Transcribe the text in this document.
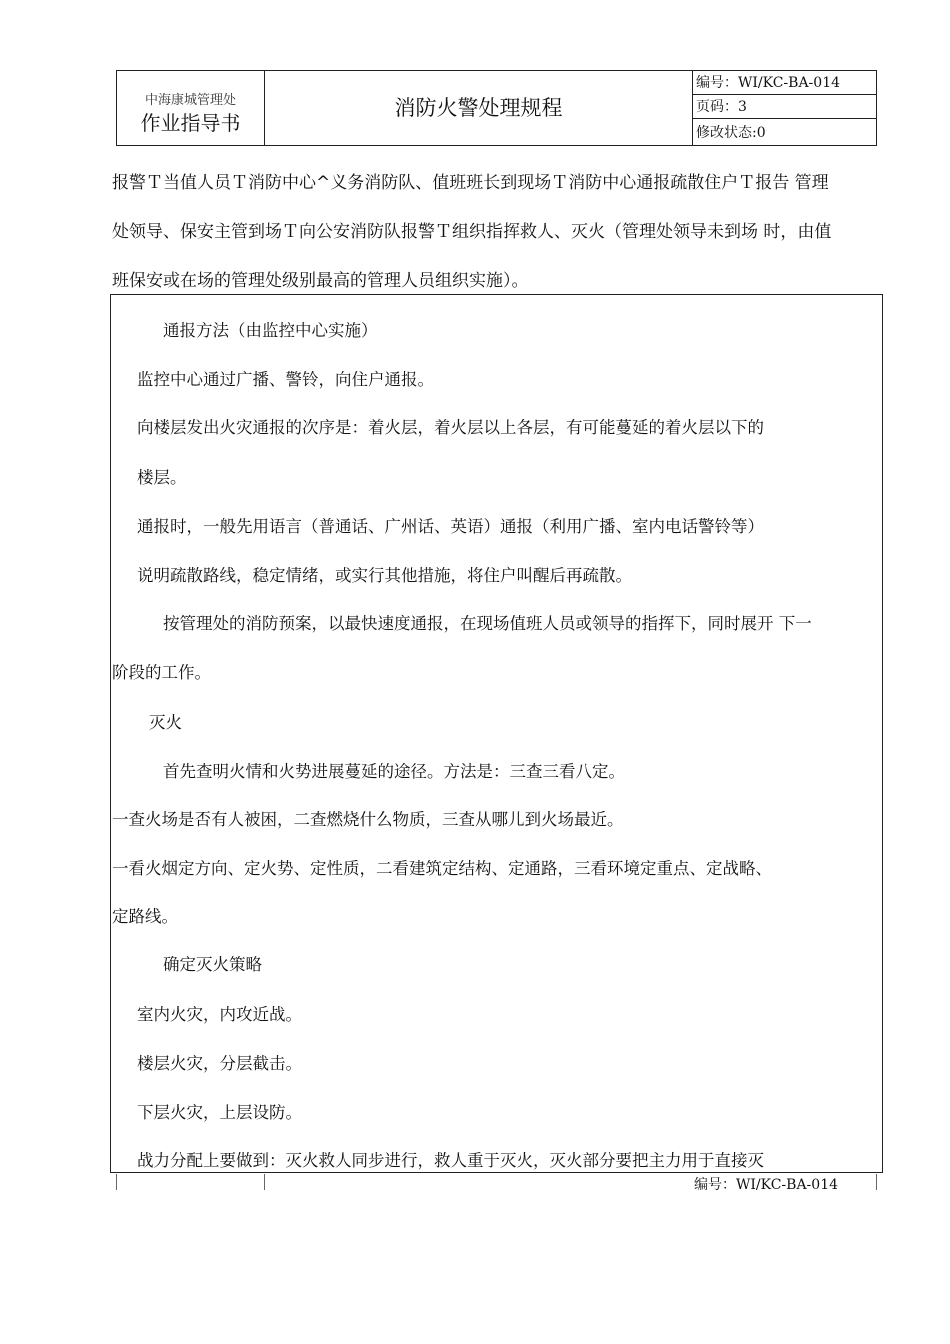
中海康城管理处
作业指导书
消防火警处理规程
编号：WI/KC-BA-014
页码：3
修改状态:0
报警Ｔ当值人员Ｔ消防中心^义务消防队、值班班长到现场Ｔ消防中心通报疏散住户Ｔ报告 管理
处领导、保安主管到场Ｔ向公安消防队报警Ｔ组织指挥救人、灭火（管理处领导未到场 时，由值
班保安或在场的管理处级别最高的管理人员组织实施）。
通报方法（由监控中心实施）
监控中心通过广播、警铃，向住户通报。
向楼层发出火灾通报的次序是：着火层，着火层以上各层，有可能蔓延的着火层以下的
楼层。
通报时，一般先用语言（普通话、广州话、英语）通报（利用广播、室内电话警铃等）
说明疏散路线，稳定情绪，或实行其他措施，将住户叫醒后再疏散。
按管理处的消防预案，以最快速度通报，在现场值班人员或领导的指挥下，同时展开 下一
阶段的工作。
灭火
首先查明火情和火势进展蔓延的途径。方法是：三查三看八定。
一查火场是否有人被困，二查燃烧什么物质，三查从哪儿到火场最近。
一看火烟定方向、定火势、定性质，二看建筑定结构、定通路，三看环境定重点、定战略、
定路线。
确定灭火策略
室内火灾，内攻近战。
楼层火灾，分层截击。
下层火灾，上层设防。
战力分配上要做到：灭火救人同步进行，救人重于灭火，灭火部分要把主力用于直接灭
编号：WI/KC-BA-014
